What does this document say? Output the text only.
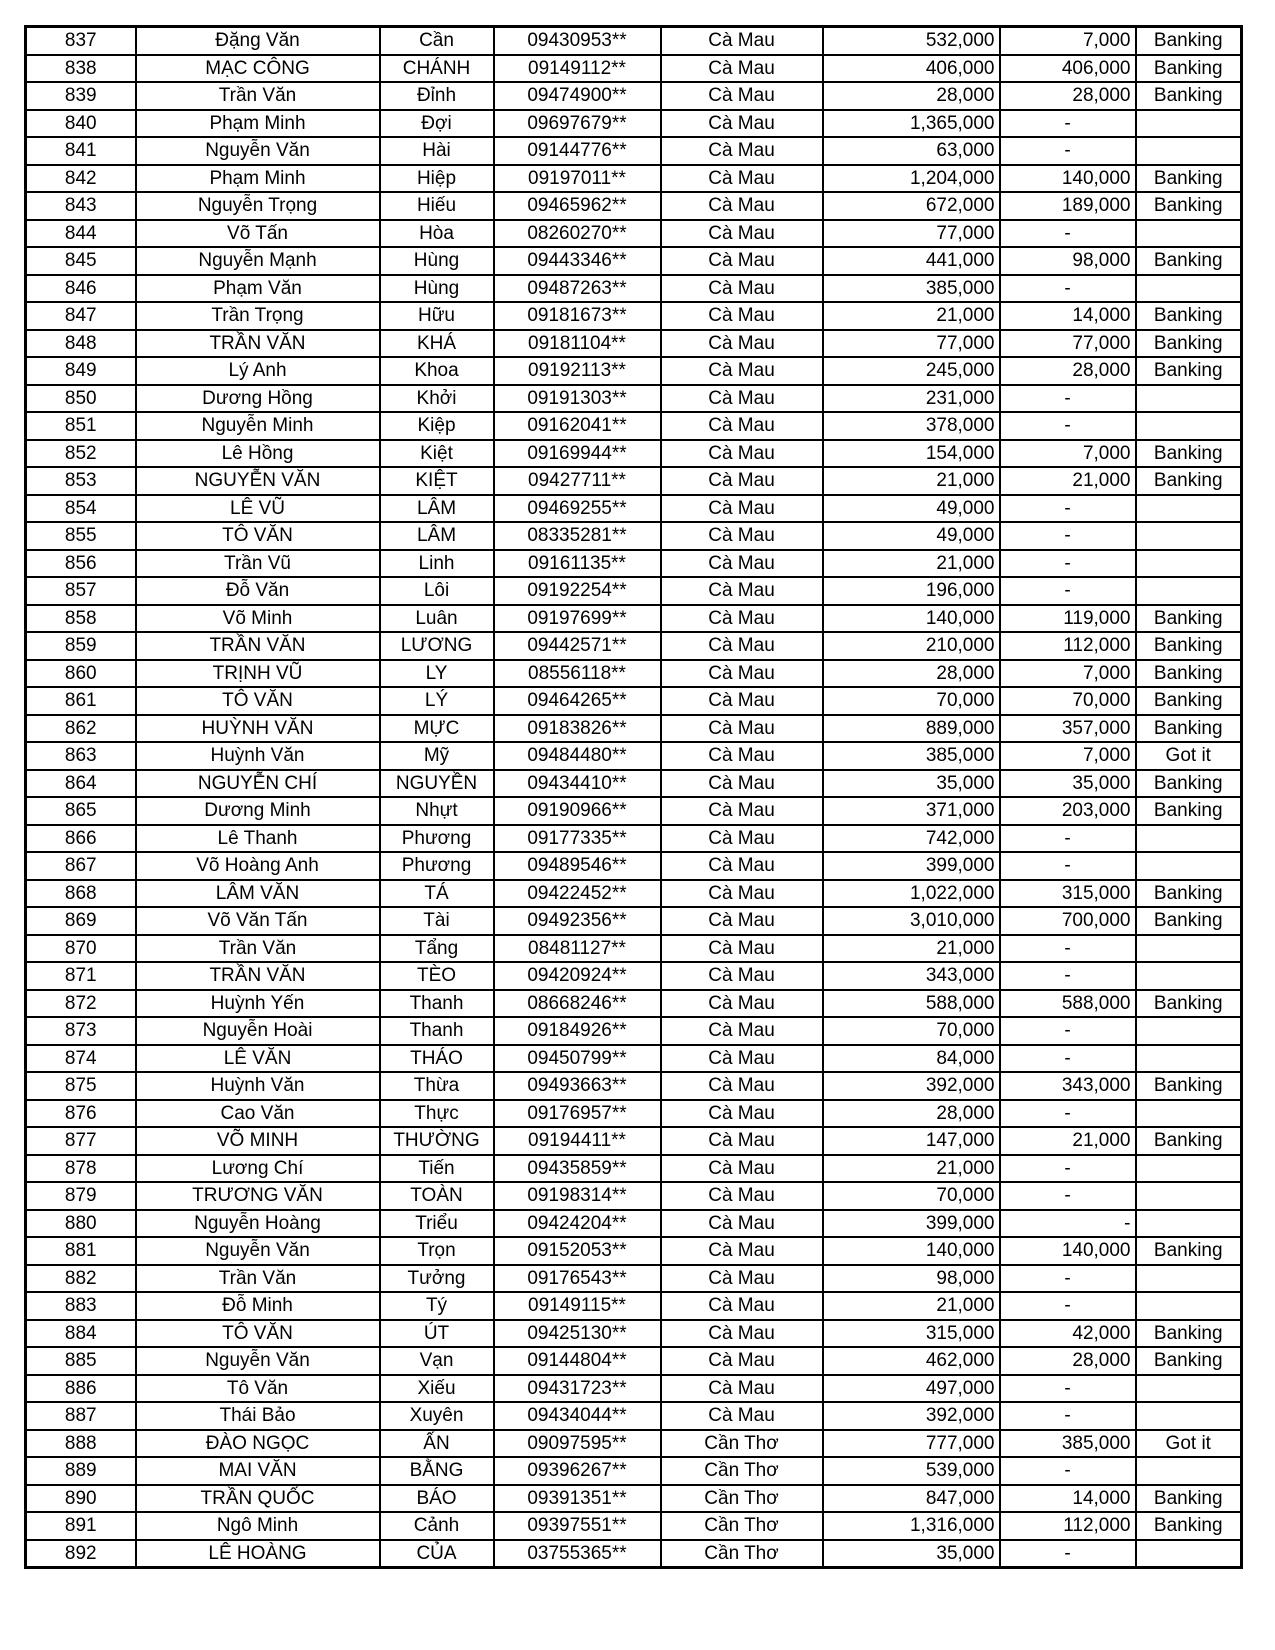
837	Đặng Văn	Cần	09430953**	Cà Mau	532,000	7,000	Banking
838	MẠC CÔNG	CHÁNH	09149112**	Cà Mau	406,000	406,000	Banking
839	Trần Văn	Đỉnh	09474900**	Cà Mau	28,000	28,000	Banking
840	Phạm Minh	Đợi	09697679**	Cà Mau	1,365,000	-	
841	Nguyễn Văn	Hài	09144776**	Cà Mau	63,000	-	
842	Phạm Minh	Hiệp	09197011**	Cà Mau	1,204,000	140,000	Banking
843	Nguyễn Trọng	Hiếu	09465962**	Cà Mau	672,000	189,000	Banking
844	Võ Tấn	Hòa	08260270**	Cà Mau	77,000	-	
845	Nguyễn Mạnh	Hùng	09443346**	Cà Mau	441,000	98,000	Banking
846	Phạm Văn	Hùng	09487263**	Cà Mau	385,000	-	
847	Trần Trọng	Hữu	09181673**	Cà Mau	21,000	14,000	Banking
848	TRẦN VĂN	KHÁ	09181104**	Cà Mau	77,000	77,000	Banking
849	Lý Anh	Khoa	09192113**	Cà Mau	245,000	28,000	Banking
850	Dương Hồng	Khởi	09191303**	Cà Mau	231,000	-	
851	Nguyễn Minh	Kiệp	09162041**	Cà Mau	378,000	-	
852	Lê Hồng	Kiệt	09169944**	Cà Mau	154,000	7,000	Banking
853	NGUYỄN VĂN	KIỆT	09427711**	Cà Mau	21,000	21,000	Banking
854	LÊ VŨ	LÂM	09469255**	Cà Mau	49,000	-	
855	TÔ VĂN	LÂM	08335281**	Cà Mau	49,000	-	
856	Trần Vũ	Linh	09161135**	Cà Mau	21,000	-	
857	Đỗ Văn	Lôi	09192254**	Cà Mau	196,000	-	
858	Võ Minh	Luân	09197699**	Cà Mau	140,000	119,000	Banking
859	TRẦN VĂN	LƯƠNG	09442571**	Cà Mau	210,000	112,000	Banking
860	TRỊNH VŨ	LY	08556118**	Cà Mau	28,000	7,000	Banking
861	TÔ VĂN	LÝ	09464265**	Cà Mau	70,000	70,000	Banking
862	HUỲNH VĂN	MỰC	09183826**	Cà Mau	889,000	357,000	Banking
863	Huỳnh Văn	Mỹ	09484480**	Cà Mau	385,000	7,000	Got it
864	NGUYỄN CHÍ	NGUYỀN	09434410**	Cà Mau	35,000	35,000	Banking
865	Dương Minh	Nhựt	09190966**	Cà Mau	371,000	203,000	Banking
866	Lê Thanh	Phương	09177335**	Cà Mau	742,000	-	
867	Võ Hoàng Anh	Phương	09489546**	Cà Mau	399,000	-	
868	LÂM VĂN	TÁ	09422452**	Cà Mau	1,022,000	315,000	Banking
869	Võ Văn Tấn	Tài	09492356**	Cà Mau	3,010,000	700,000	Banking
870	Trần Văn	Tẩng	08481127**	Cà Mau	21,000	-	
871	TRẦN VĂN	TÈO	09420924**	Cà Mau	343,000	-	
872	Huỳnh Yến	Thanh	08668246**	Cà Mau	588,000	588,000	Banking
873	Nguyễn Hoài	Thanh	09184926**	Cà Mau	70,000	-	
874	LÊ VĂN	THÁO	09450799**	Cà Mau	84,000	-	
875	Huỳnh Văn	Thừa	09493663**	Cà Mau	392,000	343,000	Banking
876	Cao Văn	Thực	09176957**	Cà Mau	28,000	-	
877	VÕ MINH	THƯỜNG	09194411**	Cà Mau	147,000	21,000	Banking
878	Lương Chí	Tiến	09435859**	Cà Mau	21,000	-	
879	TRƯƠNG VĂN	TOÀN	09198314**	Cà Mau	70,000	-	
880	Nguyễn Hoàng	Triểu	09424204**	Cà Mau	399,000	-	
881	Nguyễn Văn	Trọn	09152053**	Cà Mau	140,000	140,000	Banking
882	Trần Văn	Tưởng	09176543**	Cà Mau	98,000	-	
883	Đỗ Minh	Tý	09149115**	Cà Mau	21,000	-	
884	TÔ VĂN	ÚT	09425130**	Cà Mau	315,000	42,000	Banking
885	Nguyễn Văn	Vạn	09144804**	Cà Mau	462,000	28,000	Banking
886	Tô Văn	Xiếu	09431723**	Cà Mau	497,000	-	
887	Thái Bảo	Xuyên	09434044**	Cà Mau	392,000	-	
888	ĐÀO NGỌC	ẤN	09097595**	Cần Thơ	777,000	385,000	Got it
889	MAI VĂN	BẰNG	09396267**	Cần Thơ	539,000	-	
890	TRẦN QUỐC	BÁO	09391351**	Cần Thơ	847,000	14,000	Banking
891	Ngô Minh	Cảnh	09397551**	Cần Thơ	1,316,000	112,000	Banking
892	LÊ HOÀNG	CỦA	03755365**	Cần Thơ	35,000	-	
